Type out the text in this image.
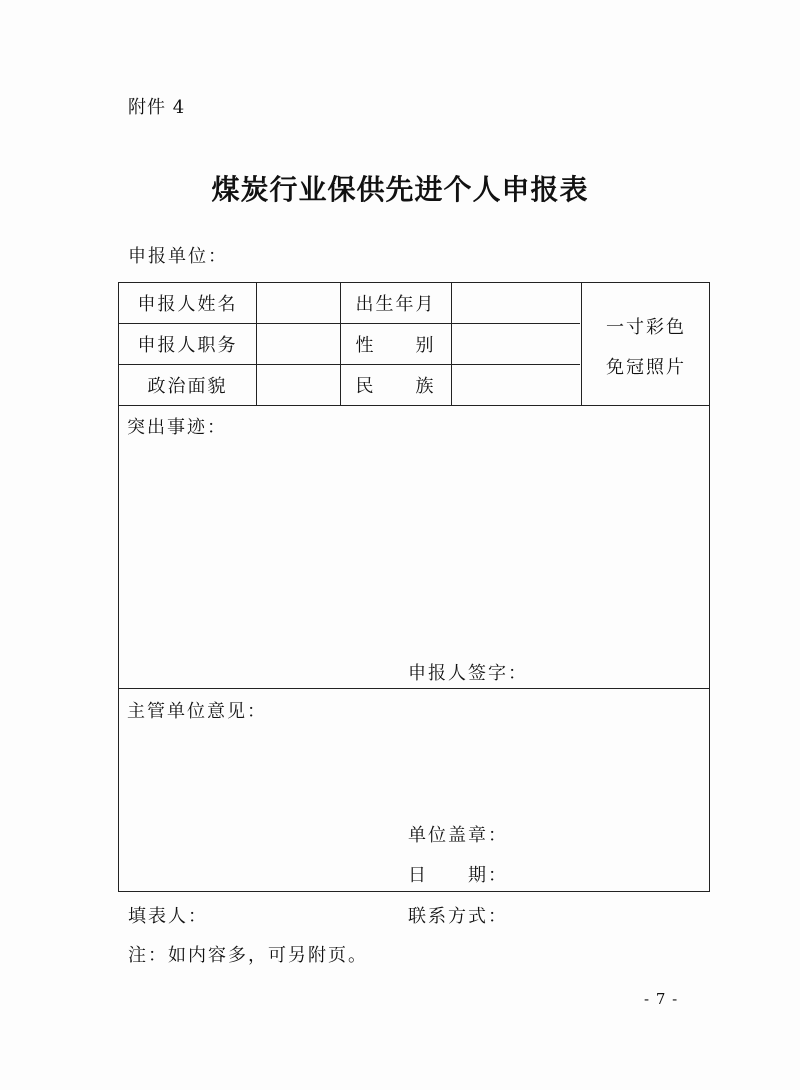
附件 4
煤炭行业保供先进个人申报表
申报单位：
申报人姓名	出生年月
申报人职务	性　　别
政治面貌	民　　族
一寸彩色
免冠照片
突出事迹：
申报人签字：
主管单位意见：
单位盖章：
日　　期：
填表人：	联系方式：
注：如内容多，可另附页。
- 7 -
